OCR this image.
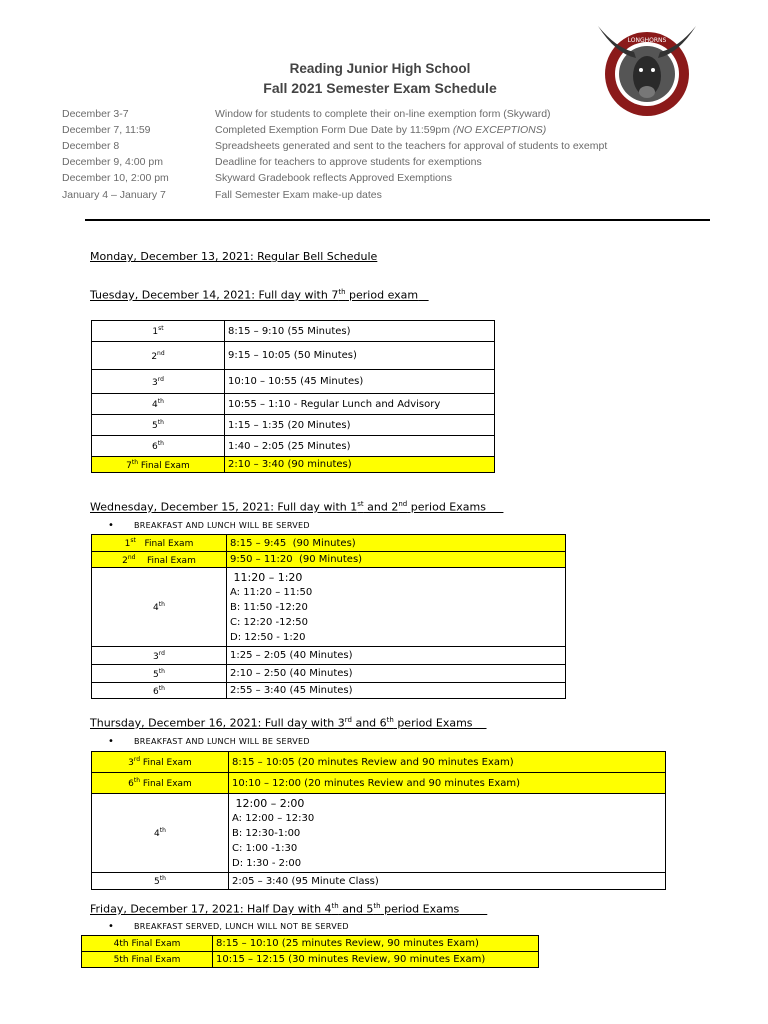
Reading Junior High School
Fall 2021 Semester Exam Schedule
LONGHORNS
December 3-7	Window for students to complete their on-line exemption form (Skyward)
December 7, 11:59	Completed Exemption Form Due Date by 11:59pm (NO EXCEPTIONS)
December 8	Spreadsheets generated and sent to the teachers for approval of students to exempt
December 9, 4:00 pm	Deadline for teachers to approve students for exemptions
December 10, 2:00 pm	Skyward Gradebook reflects Approved Exemptions
January 4 – January 7	Fall Semester Exam make-up dates
Monday, December 13, 2021: Regular Bell Schedule
Tuesday, December 14, 2021: Full day with 7th period exam
1st	8:15 – 9:10 (55 Minutes)

2nd	9:15 – 10:05 (50 Minutes)

3rd	10:10 – 10:55 (45 Minutes)

4th	10:55 – 1:10 - Regular Lunch and Advisory

5th	1:15 – 1:35 (20 Minutes)

6th	1:40 – 2:05 (25 Minutes)

7th Final Exam	2:10 – 3:40 (90 minutes)
Wednesday, December 15, 2021: Full day with 1st and 2nd period Exams
• BREAKFAST AND LUNCH WILL BE SERVED
1st   Final Exam	8:15 – 9:45  (90 Minutes)

2nd    Final Exam	9:50 – 11:20  (90 Minutes)

4th	11:20 – 1:20
A: 11:20 – 11:50
B: 11:50 -12:20
C: 12:20 -12:50
D: 12:50 - 1:20

3rd	1:25 – 2:05 (40 Minutes)

5th	2:10 – 2:50 (40 Minutes)

6th	2:55 – 3:40 (45 Minutes)
Thursday, December 16, 2021: Full day with 3rd and 6th period Exams
• BREAKFAST AND LUNCH WILL BE SERVED
3rd Final Exam	8:15 – 10:05 (20 minutes Review and 90 minutes Exam)

6th Final Exam	10:10 – 12:00 (20 minutes Review and 90 minutes Exam)

4th	12:00 – 2:00
A: 12:00 – 12:30
B: 12:30-1:00
C: 1:00 -1:30
D: 1:30 - 2:00

5th	2:05 – 3:40 (95 Minute Class)
Friday, December 17, 2021: Half Day with 4th and 5th period Exams
• BREAKFAST SERVED, LUNCH WILL NOT BE SERVED
4th Final Exam	8:15 – 10:10 (25 minutes Review, 90 minutes Exam)

5th Final Exam	10:15 – 12:15 (30 minutes Review, 90 minutes Exam)
